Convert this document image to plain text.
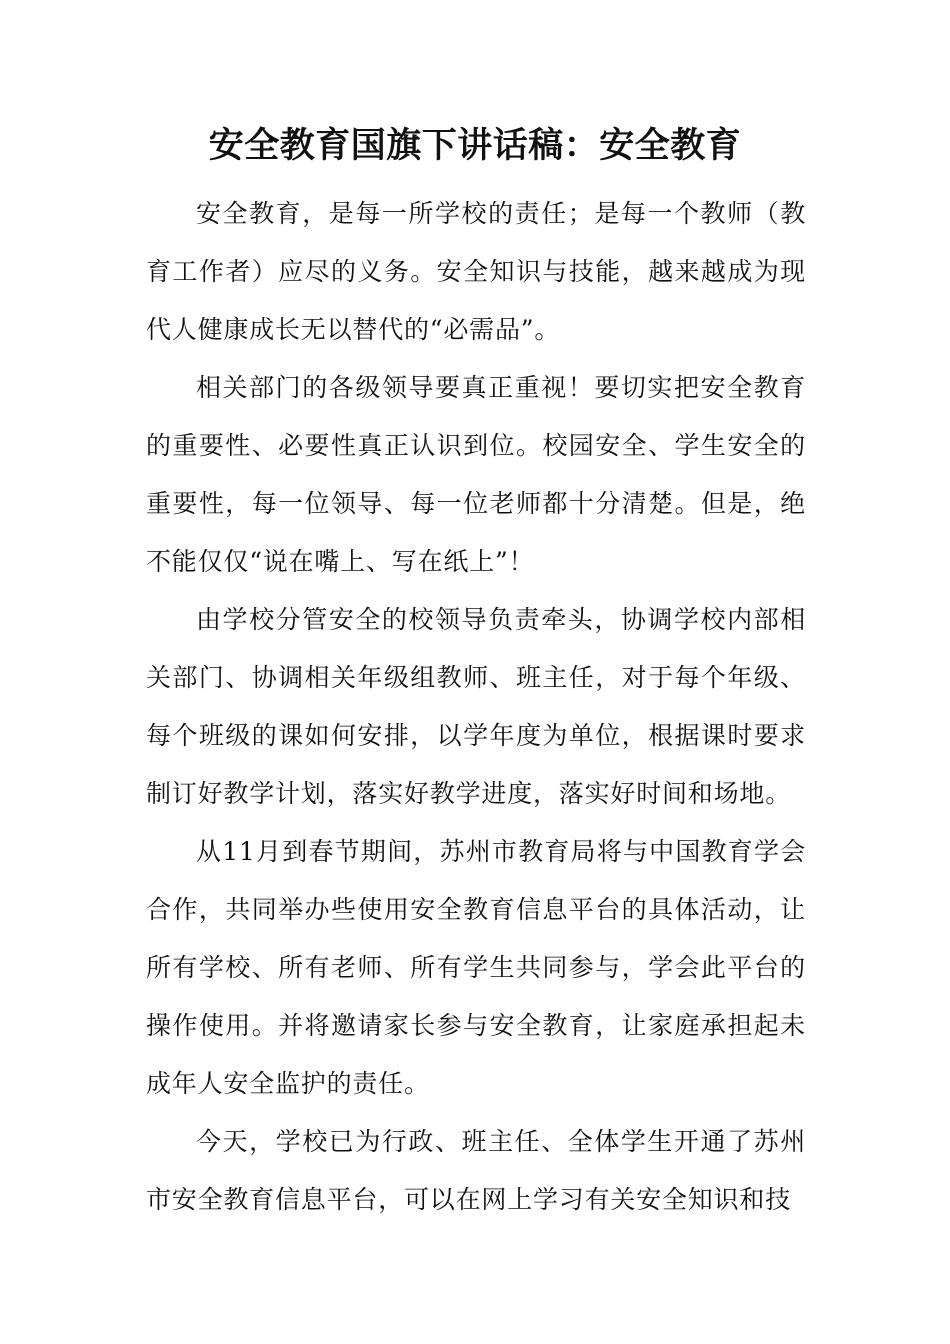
安全教育国旗下讲话稿：安全教育

安全教育，是每一所学校的责任；是每一个教师（教育工作者）应尽的义务。安全知识与技能，越来越成为现代人健康成长无以替代的“必需品”。

相关部门的各级领导要真正重视！要切实把安全教育的重要性、必要性真正认识到位。校园安全、学生安全的重要性，每一位领导、每一位老师都十分清楚。但是，绝不能仅仅“说在嘴上、写在纸上”！

由学校分管安全的校领导负责牵头，协调学校内部相关部门、协调相关年级组教师、班主任，对于每个年级、每个班级的课如何安排，以学年度为单位，根据课时要求制订好教学计划，落实好教学进度，落实好时间和场地。

从11月到春节期间，苏州市教育局将与中国教育学会合作，共同举办些使用安全教育信息平台的具体活动，让所有学校、所有老师、所有学生共同参与，学会此平台的操作使用。并将邀请家长参与安全教育，让家庭承担起未成年人安全监护的责任。

今天，学校已为行政、班主任、全体学生开通了苏州市安全教育信息平台，可以在网上学习有关安全知识和技
